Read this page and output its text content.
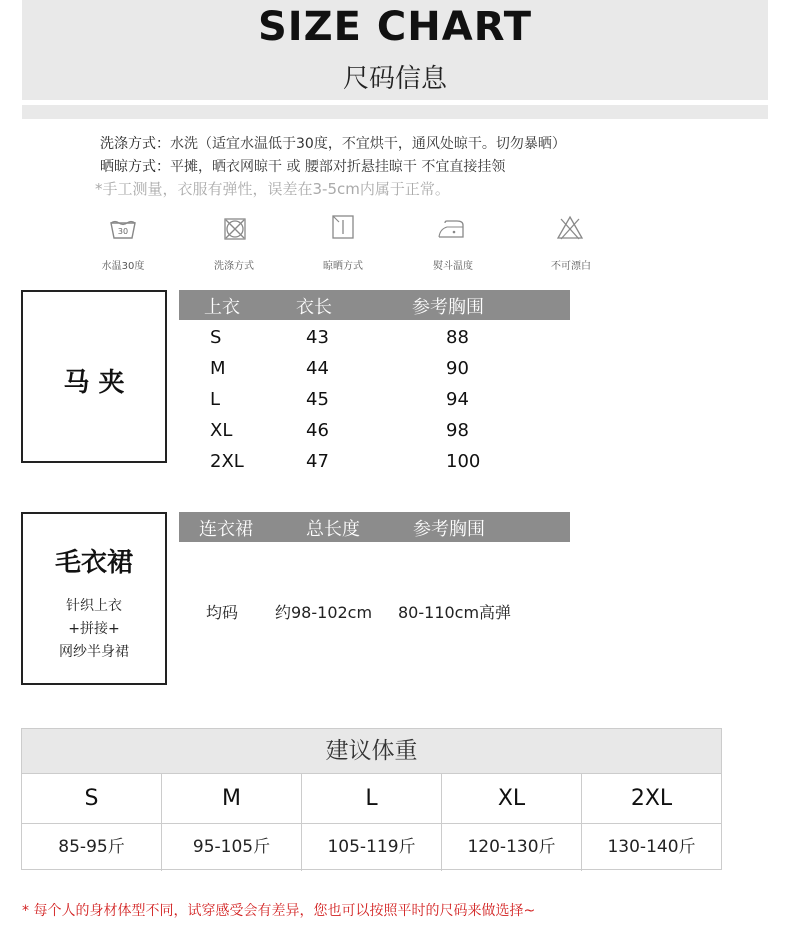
SIZE CHART
尺码信息
洗涤方式：水洗（适宜水温低于30度，不宜烘干，通风处晾干。切勿暴晒）
晒晾方式：平摊，晒衣网晾干 或 腰部对折悬挂晾干 不宜直接挂领
*手工测量，衣服有弹性，误差在3-5cm内属于正常。
30
水温30度	洗涤方式	晾晒方式	熨斗温度	不可漂白
马 夹
上衣	衣长	参考胸围
S	43	88
M	44	90
L	45	94
XL	46	98
2XL	47	100
毛衣裙
针织上衣
+拼接+
网纱半身裙
连衣裙	总长度	参考胸围
均码 约98-102cm 80-110cm高弹
建议体重
S	M	L	XL	2XL
85-95斤	95-105斤	105-119斤	120-130斤	130-140斤
* 每个人的身材体型不同，试穿感受会有差异，您也可以按照平时的尺码来做选择~
